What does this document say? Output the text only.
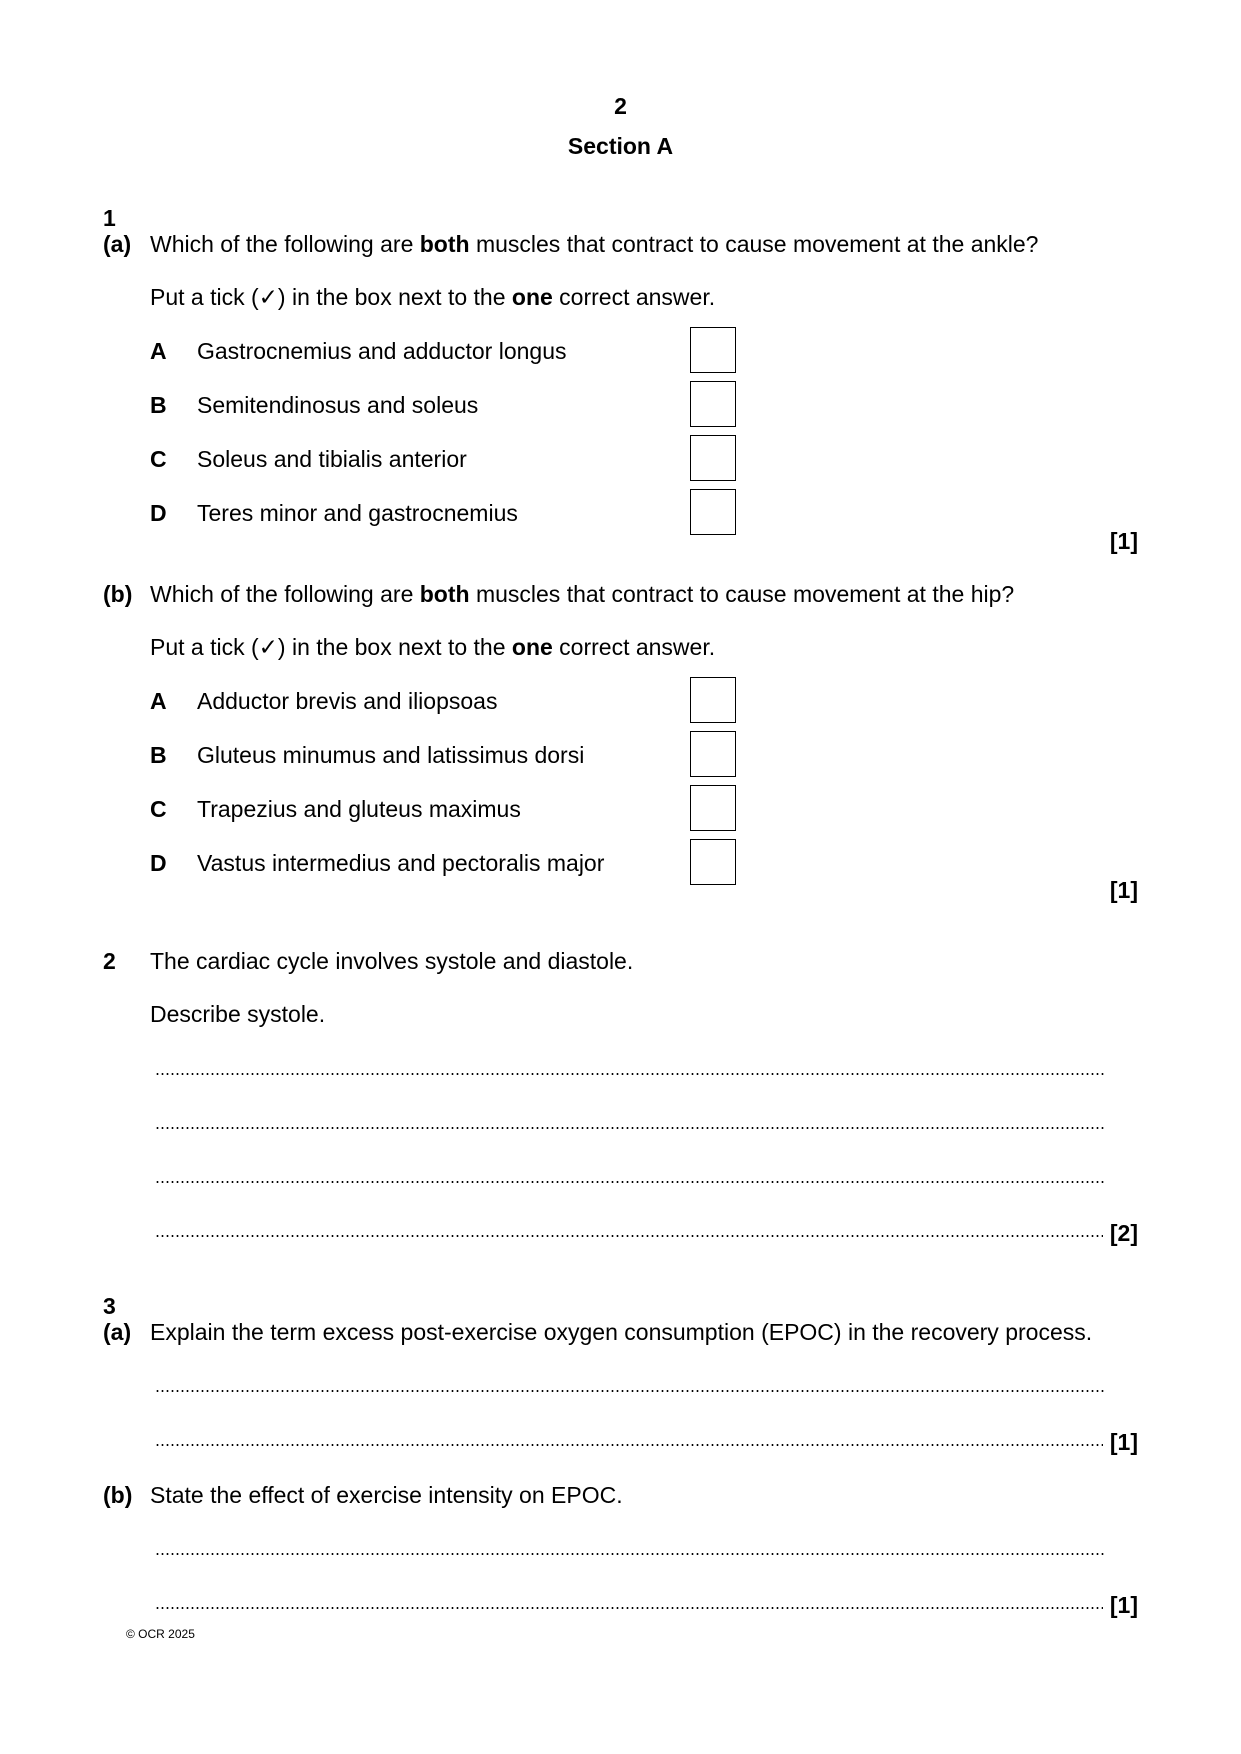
2
Section A
1
(a) Which of the following are both muscles that contract to cause movement at the ankle?
Put a tick (✓) in the box next to the one correct answer.
A Gastrocnemius and adductor longus
B Semitendinosus and soleus
C Soleus and tibialis anterior
D Teres minor and gastrocnemius
[1]
(b) Which of the following are both muscles that contract to cause movement at the hip?
Put a tick (✓) in the box next to the one correct answer.
A Adductor brevis and iliopsoas
B Gluteus minumus and latissimus dorsi
C Trapezius and gluteus maximus
D Vastus intermedius and pectoralis major
[1]
2 The cardiac cycle involves systole and diastole.
Describe systole.
[2]
3
(a) Explain the term excess post-exercise oxygen consumption (EPOC) in the recovery process.
[1]
(b) State the effect of exercise intensity on EPOC.
[1]
© OCR 2025
